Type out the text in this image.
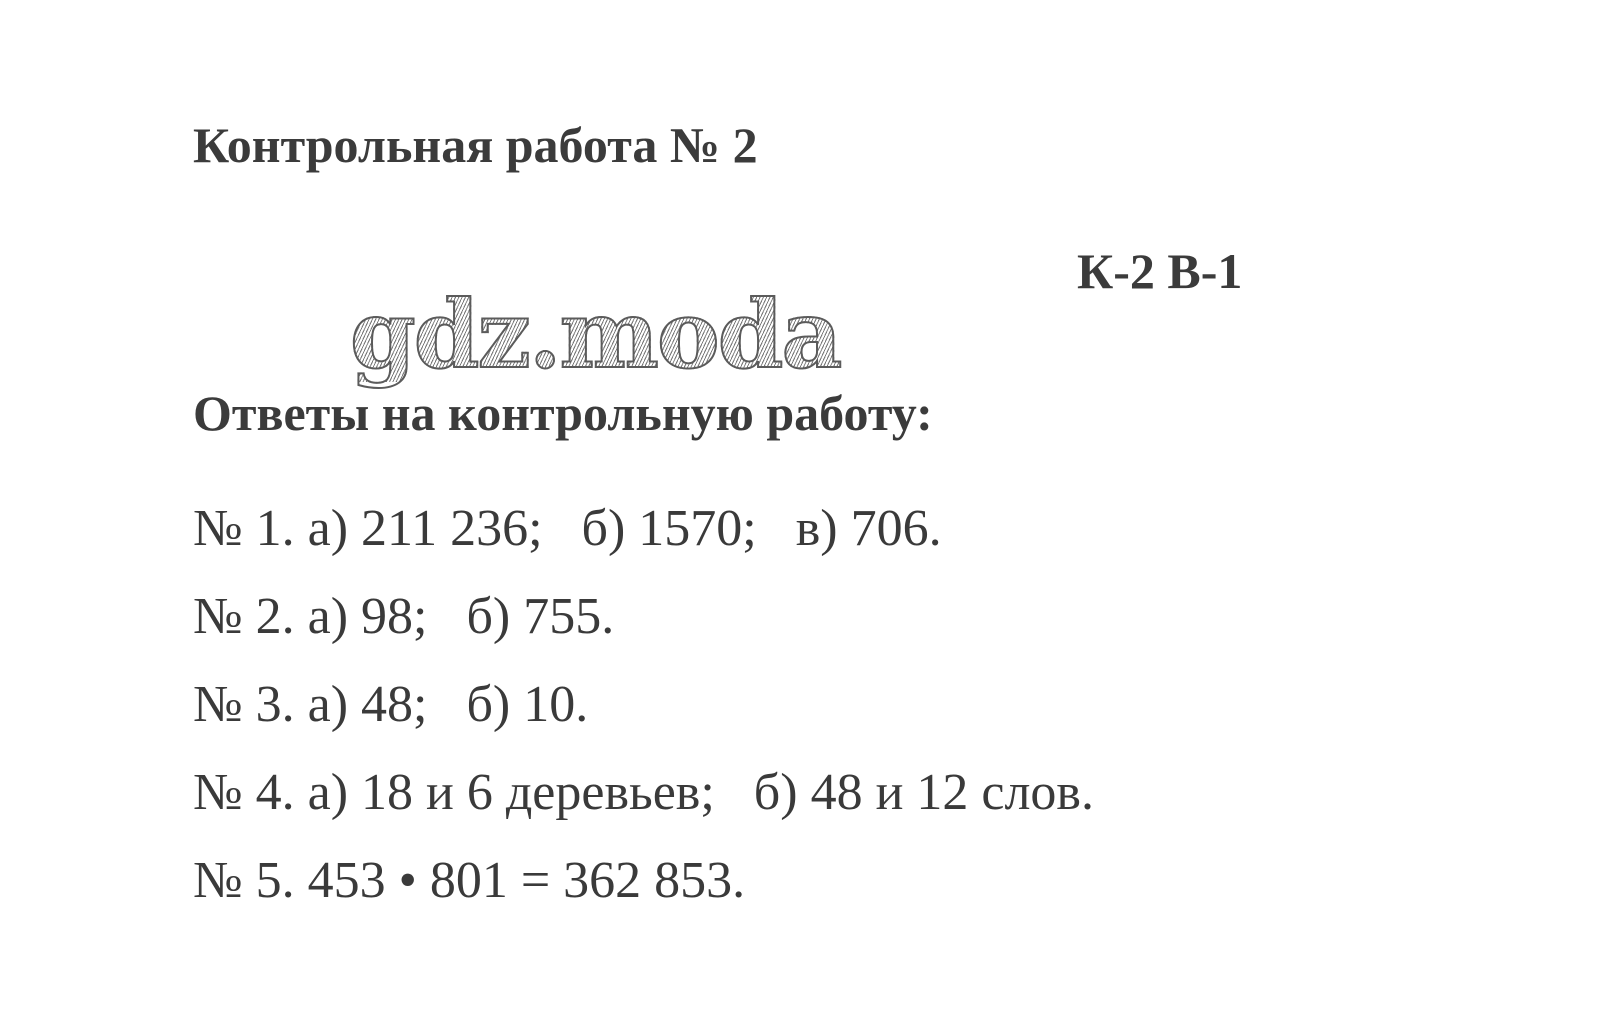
Контрольная работа № 2
К-2 В-1
gdz.moda
Ответы на контрольную работу:
№ 1. а) 211 236;   б) 1570;   в) 706.
№ 2. а) 98;   б) 755.
№ 3. а) 48;   б) 10.
№ 4. а) 18 и 6 деревьев;   б) 48 и 12 слов.
№ 5. 453 • 801 = 362 853.
